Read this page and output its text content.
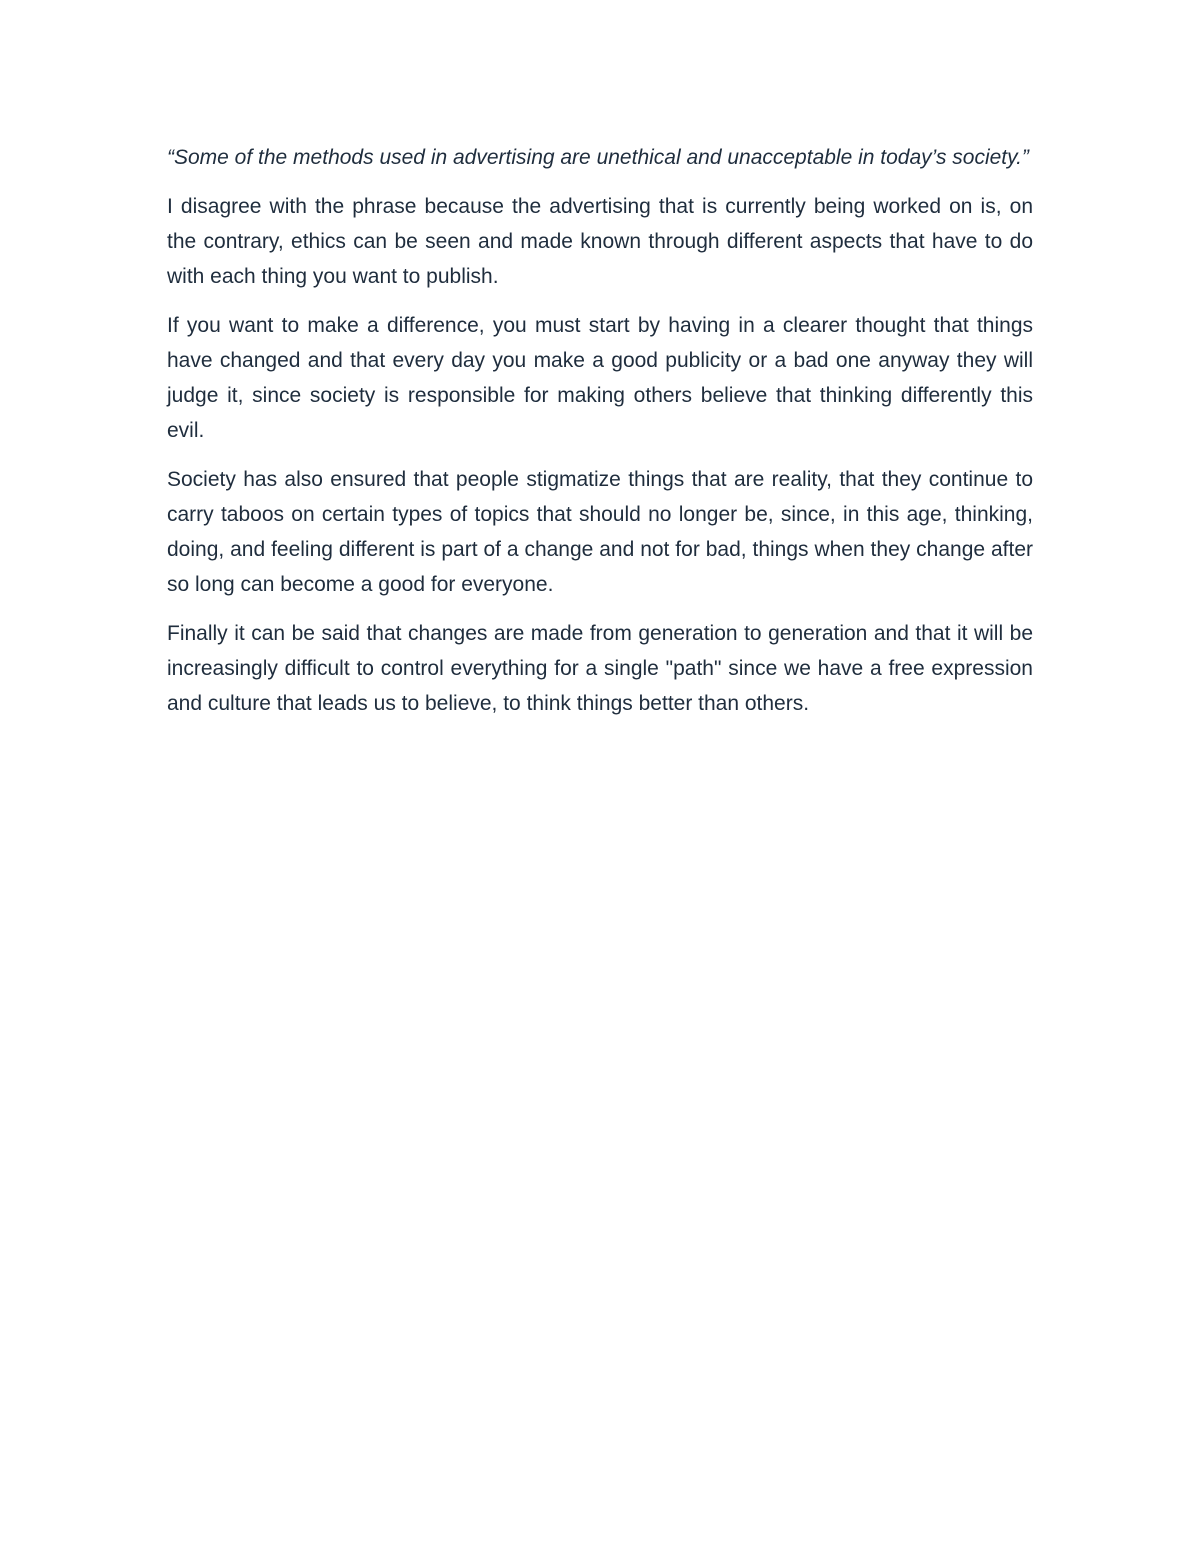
“Some of the methods used in advertising are unethical and unacceptable in today’s society.”

I disagree with the phrase because the advertising that is currently being worked on is, on the contrary, ethics can be seen and made known through different aspects that have to do with each thing you want to publish.

If you want to make a difference, you must start by having in a clearer thought that things have changed and that every day you make a good publicity or a bad one anyway they will judge it, since society is responsible for making others believe that thinking differently this evil.

Society has also ensured that people stigmatize things that are reality, that they continue to carry taboos on certain types of topics that should no longer be, since, in this age, thinking, doing, and feeling different is part of a change and not for bad, things when they change after so long can become a good for everyone.

Finally it can be said that changes are made from generation to generation and that it will be increasingly difficult to control everything for a single "path" since we have a free expression and culture that leads us to believe, to think things better than others.
